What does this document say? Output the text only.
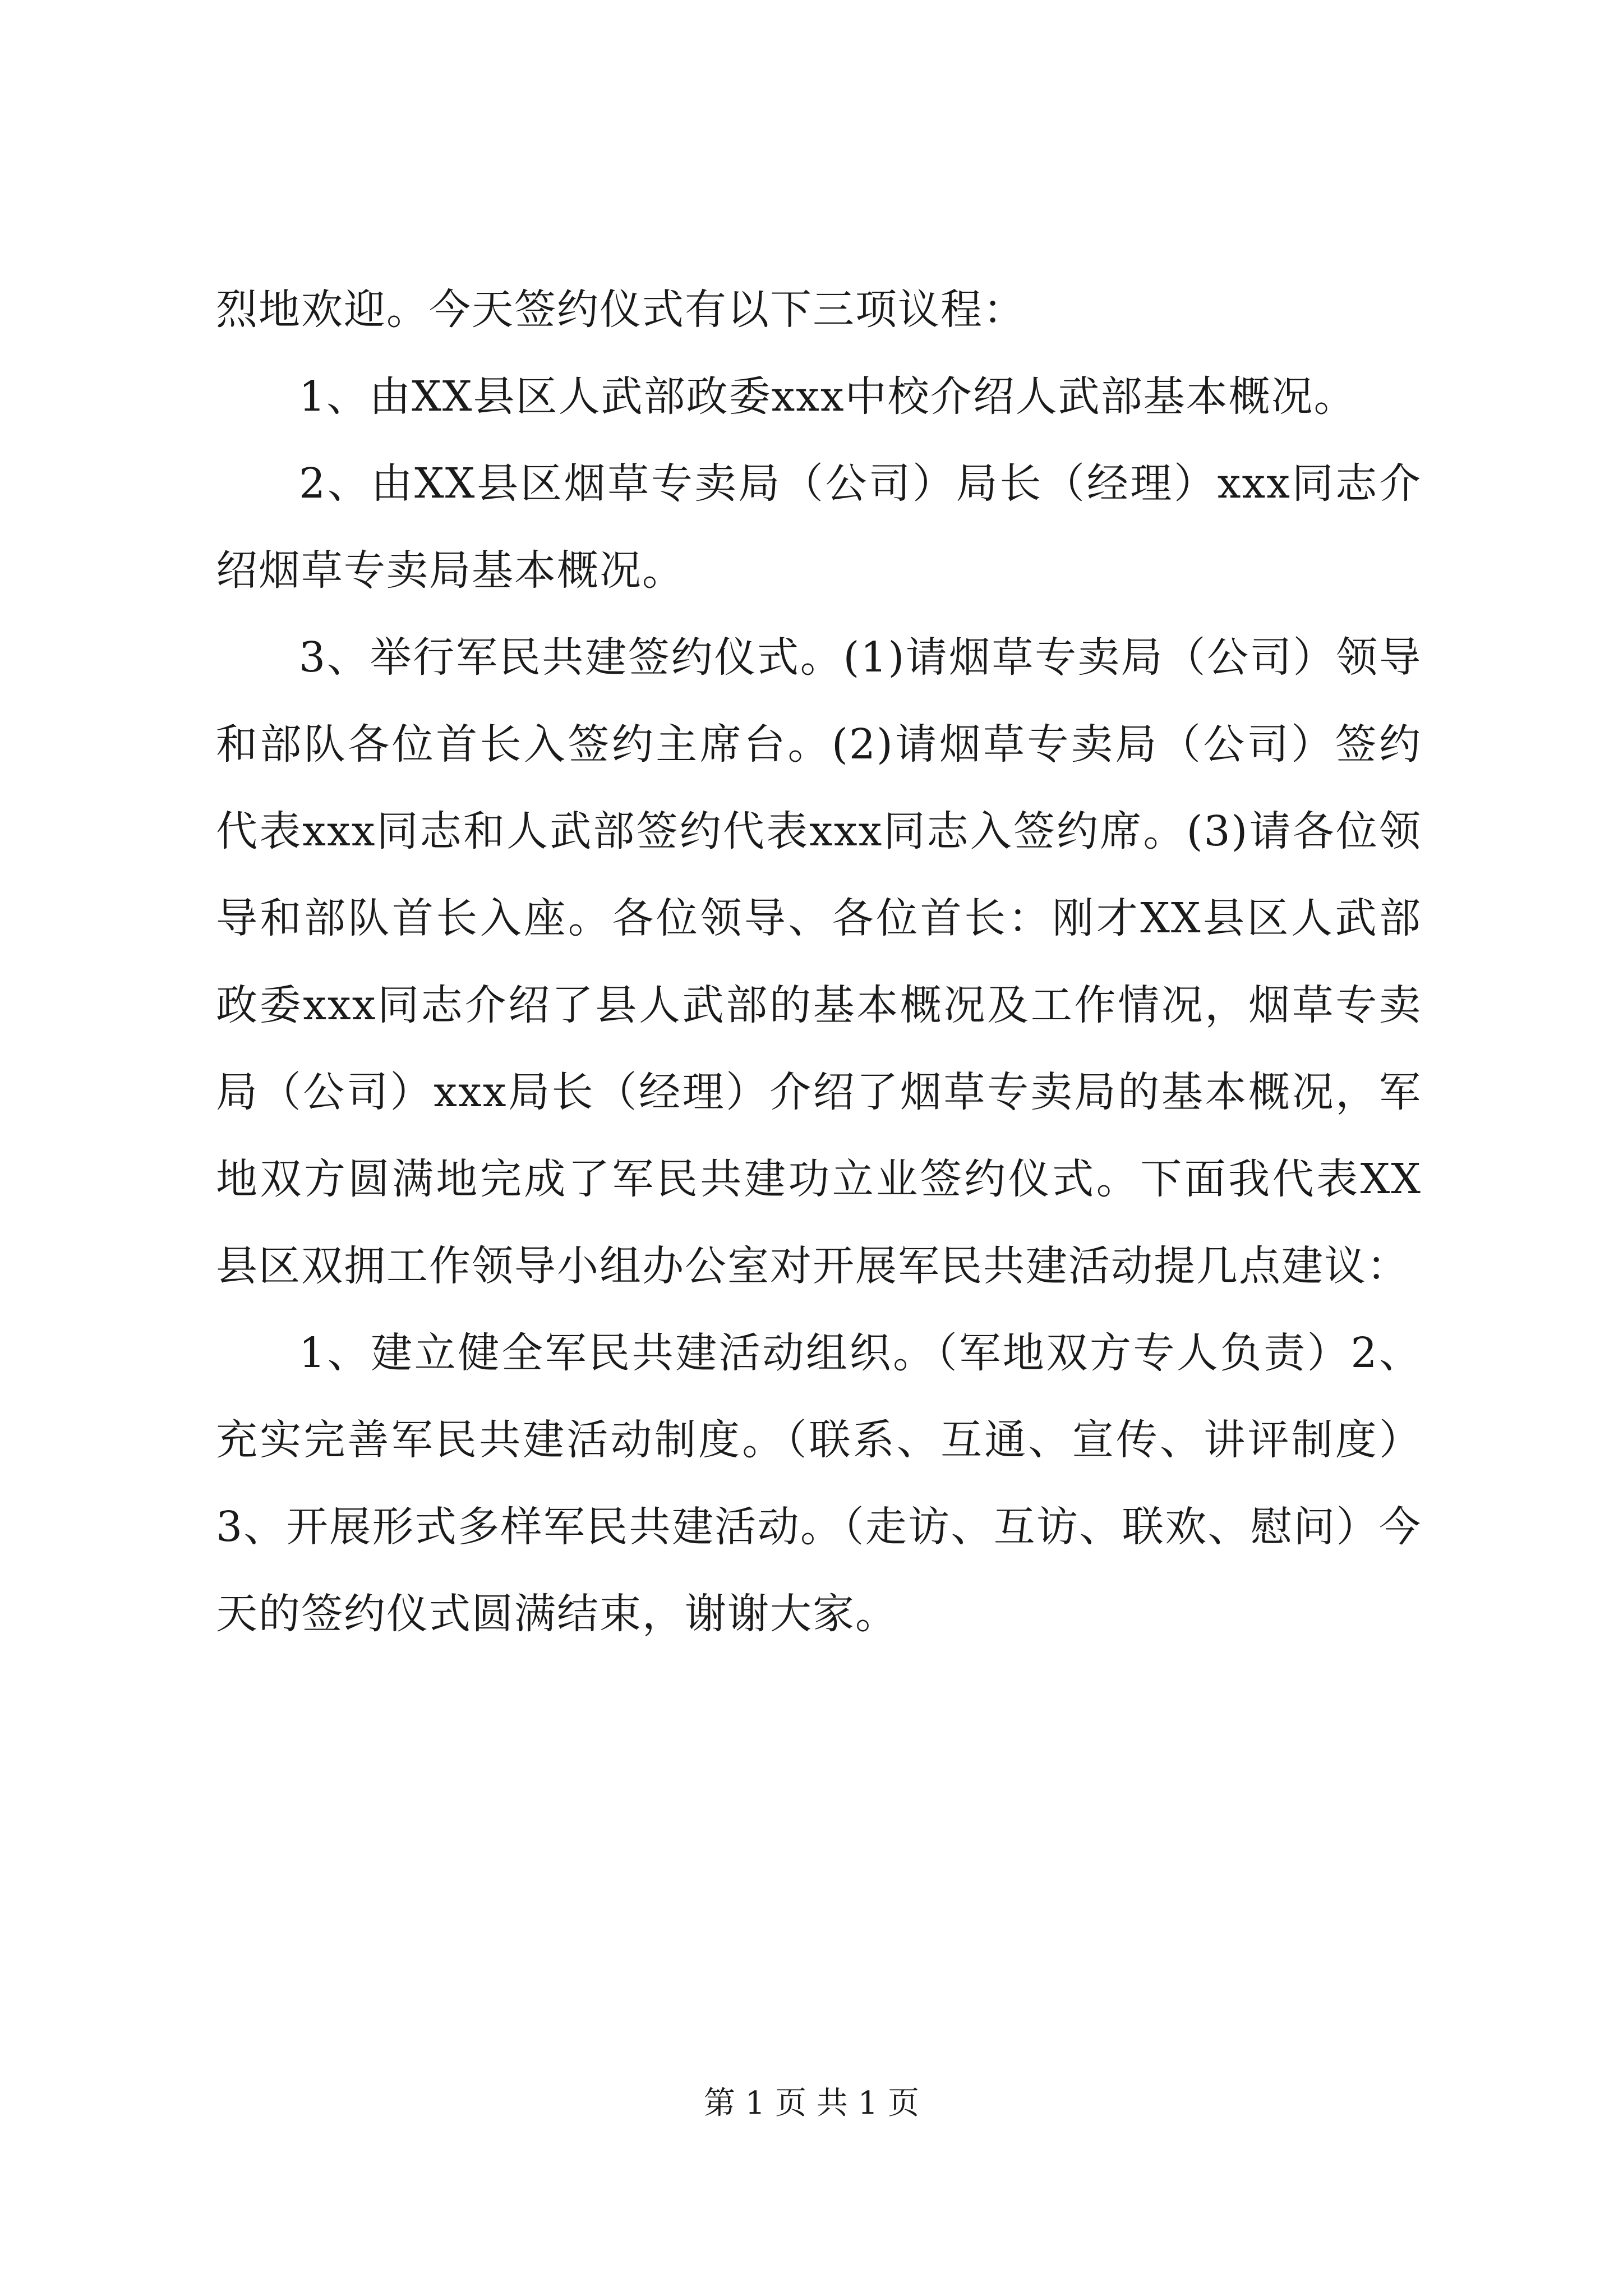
烈地欢迎。今天签约仪式有以下三项议程：

1、由XX县区人武部政委xxx中校介绍人武部基本概况。

2、由XX县区烟草专卖局（公司）局长（经理）xxx同志介绍烟草专卖局基本概况。

3、举行军民共建签约仪式。(1)请烟草专卖局（公司）领导和部队各位首长入签约主席台。(2)请烟草专卖局（公司）签约代表xxx同志和人武部签约代表xxx同志入签约席。(3)请各位领导和部队首长入座。各位领导、各位首长：刚才XX县区人武部政委xxx同志介绍了县人武部的基本概况及工作情况，烟草专卖局（公司）xxx局长（经理）介绍了烟草专卖局的基本概况，军地双方圆满地完成了军民共建功立业签约仪式。下面我代表XX县区双拥工作领导小组办公室对开展军民共建活动提几点建议：

1、建立健全军民共建活动组织。（军地双方专人负责）2、充实完善军民共建活动制度。（联系、互通、宣传、讲评制度）3、开展形式多样军民共建活动。（走访、互访、联欢、慰问）今天的签约仪式圆满结束，谢谢大家。

第 1 页 共 1 页
